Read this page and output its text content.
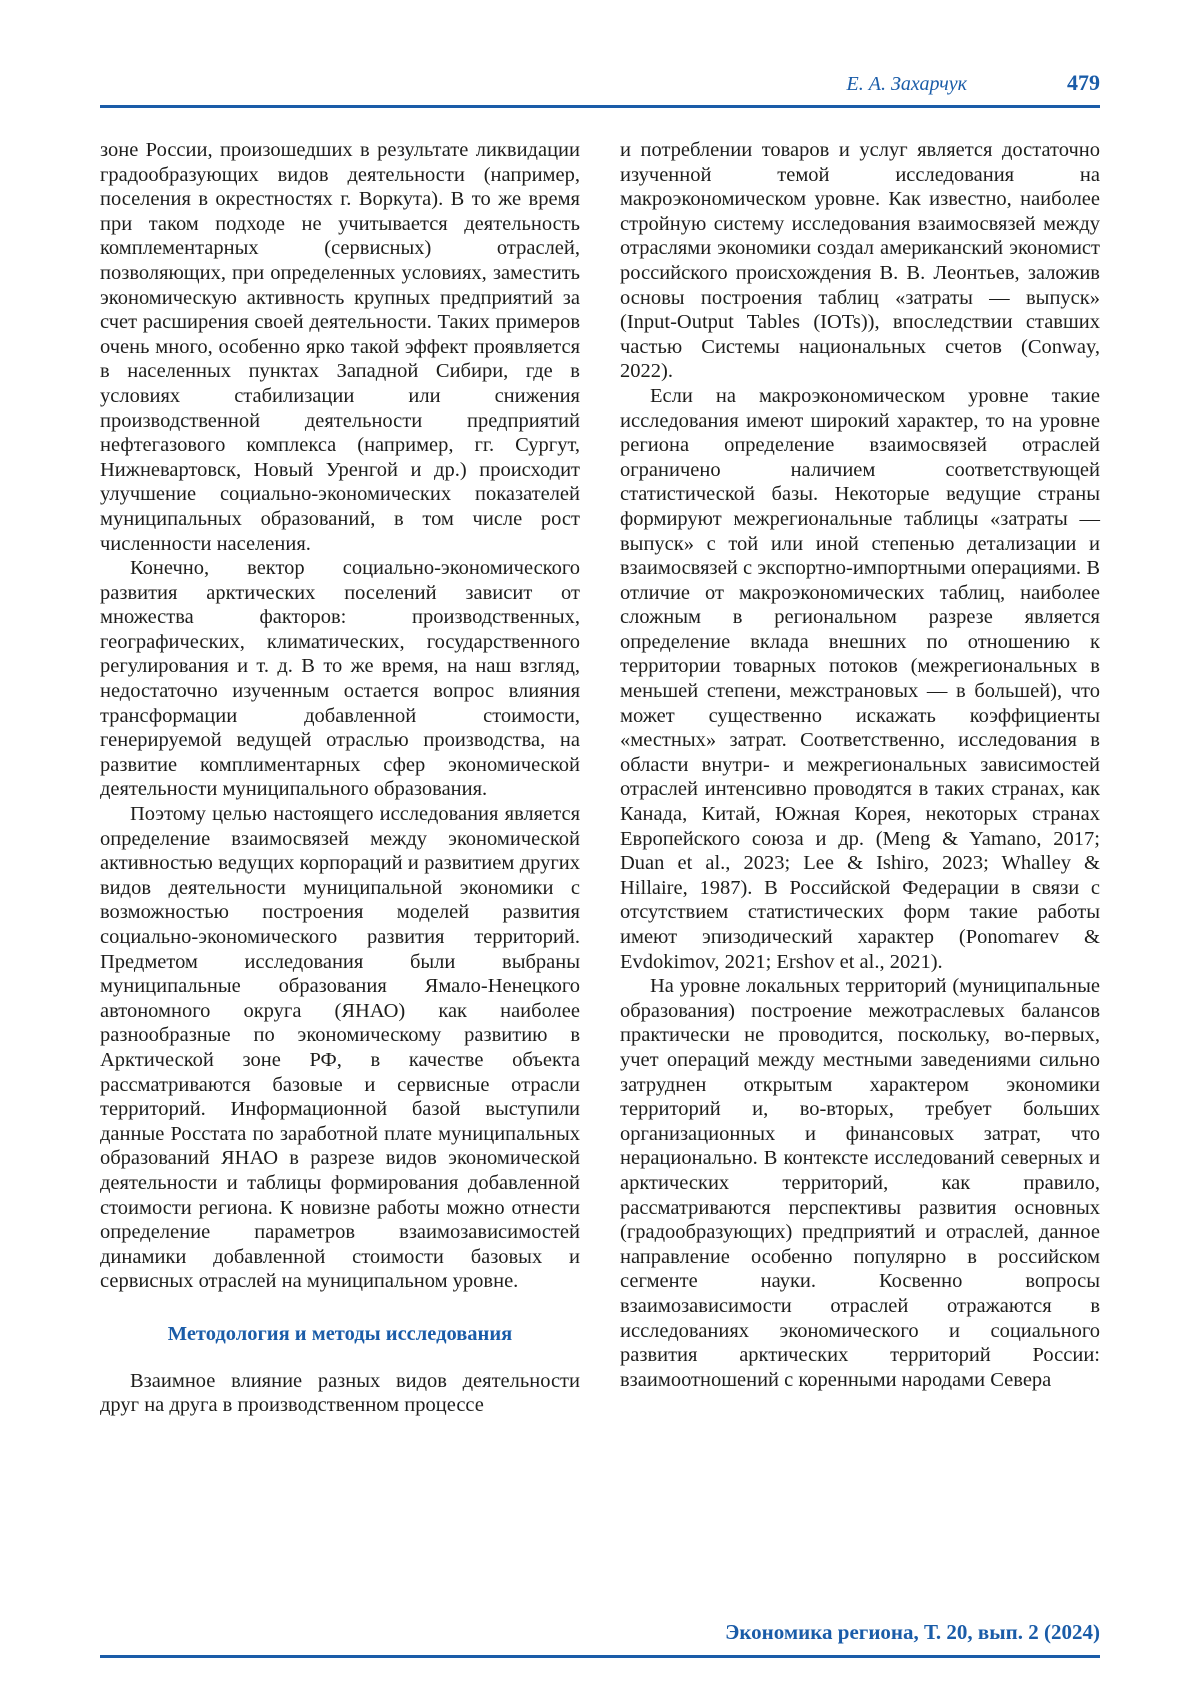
Е. А. Захарчук	479

зоне России, произошедших в результате ликвидации градообразующих видов деятельности (например, поселения в окрестностях г. Воркута). В то же время при таком подходе не учитывается деятельность комплементарных (сервисных) отраслей, позволяющих, при определенных условиях, заместить экономическую активность крупных предприятий за счет расширения своей деятельности. Таких примеров очень много, особенно ярко такой эффект проявляется в населенных пунктах Западной Сибири, где в условиях стабилизации или снижения производственной деятельности предприятий нефтегазового комплекса (например, гг. Сургут, Нижневартовск, Новый Уренгой и др.) происходит улучшение социально-экономических показателей муниципальных образований, в том числе рост численности населения.

Конечно, вектор социально-экономического развития арктических поселений зависит от множества факторов: производственных, географических, климатических, государственного регулирования и т. д. В то же время, на наш взгляд, недостаточно изученным остается вопрос влияния трансформации добавленной стоимости, генерируемой ведущей отраслью производства, на развитие комплиментарных сфер экономической деятельности муниципального образования.

Поэтому целью настоящего исследования является определение взаимосвязей между экономической активностью ведущих корпораций и развитием других видов деятельности муниципальной экономики с возможностью построения моделей развития социально-экономического развития территорий. Предметом исследования были выбраны муниципальные образования Ямало-Ненецкого автономного округа (ЯНАО) как наиболее разнообразные по экономическому развитию в Арктической зоне РФ, в качестве объекта рассматриваются базовые и сервисные отрасли территорий. Информационной базой выступили данные Росстата по заработной плате муниципальных образований ЯНАО в разрезе видов экономической деятельности и таблицы формирования добавленной стоимости региона. К новизне работы можно отнести определение параметров взаимозависимостей динамики добавленной стоимости базовых и сервисных отраслей на муниципальном уровне.

Методология и методы исследования

Взаимное влияние разных видов деятельности друг на друга в производственном процессе

и потреблении товаров и услуг является достаточно изученной темой исследования на макроэкономическом уровне. Как известно, наиболее стройную систему исследования взаимосвязей между отраслями экономики создал американский экономист российского происхождения В. В. Леонтьев, заложив основы построения таблиц «затраты — выпуск» (Input-Output Tables (IOTs)), впоследствии ставших частью Системы национальных счетов (Conway, 2022).

Если на макроэкономическом уровне такие исследования имеют широкий характер, то на уровне региона определение взаимосвязей отраслей ограничено наличием соответствующей статистической базы. Некоторые ведущие страны формируют межрегиональные таблицы «затраты — выпуск» с той или иной степенью детализации и взаимосвязей с экспортно-импортными операциями. В отличие от макроэкономических таблиц, наиболее сложным в региональном разрезе является определение вклада внешних по отношению к территории товарных потоков (межрегиональных в меньшей степени, межстрановых — в большей), что может существенно искажать коэффициенты «местных» затрат. Соответственно, исследования в области внутри- и межрегиональных зависимостей отраслей интенсивно проводятся в таких странах, как Канада, Китай, Южная Корея, некоторых странах Европейского союза и др. (Meng & Yamano, 2017; Duan et al., 2023; Lee & Ishiro, 2023; Whalley & Hillaire, 1987). В Российской Федерации в связи с отсутствием статистических форм такие работы имеют эпизодический характер (Ponomarev & Evdokimov, 2021; Ershov et al., 2021).

На уровне локальных территорий (муниципальные образования) построение межотраслевых балансов практически не проводится, поскольку, во-первых, учет операций между местными заведениями сильно затруднен открытым характером экономики территорий и, во-вторых, требует больших организационных и финансовых затрат, что нерационально. В контексте исследований северных и арктических территорий, как правило, рассматриваются перспективы развития основных (градообразующих) предприятий и отраслей, данное направление особенно популярно в российском сегменте науки. Косвенно вопросы взаимозависимости отраслей отражаются в исследованиях экономического и социального развития арктических территорий России: взаимоотношений с коренными народами Севера

Экономика региона, Т. 20, вып. 2 (2024)
